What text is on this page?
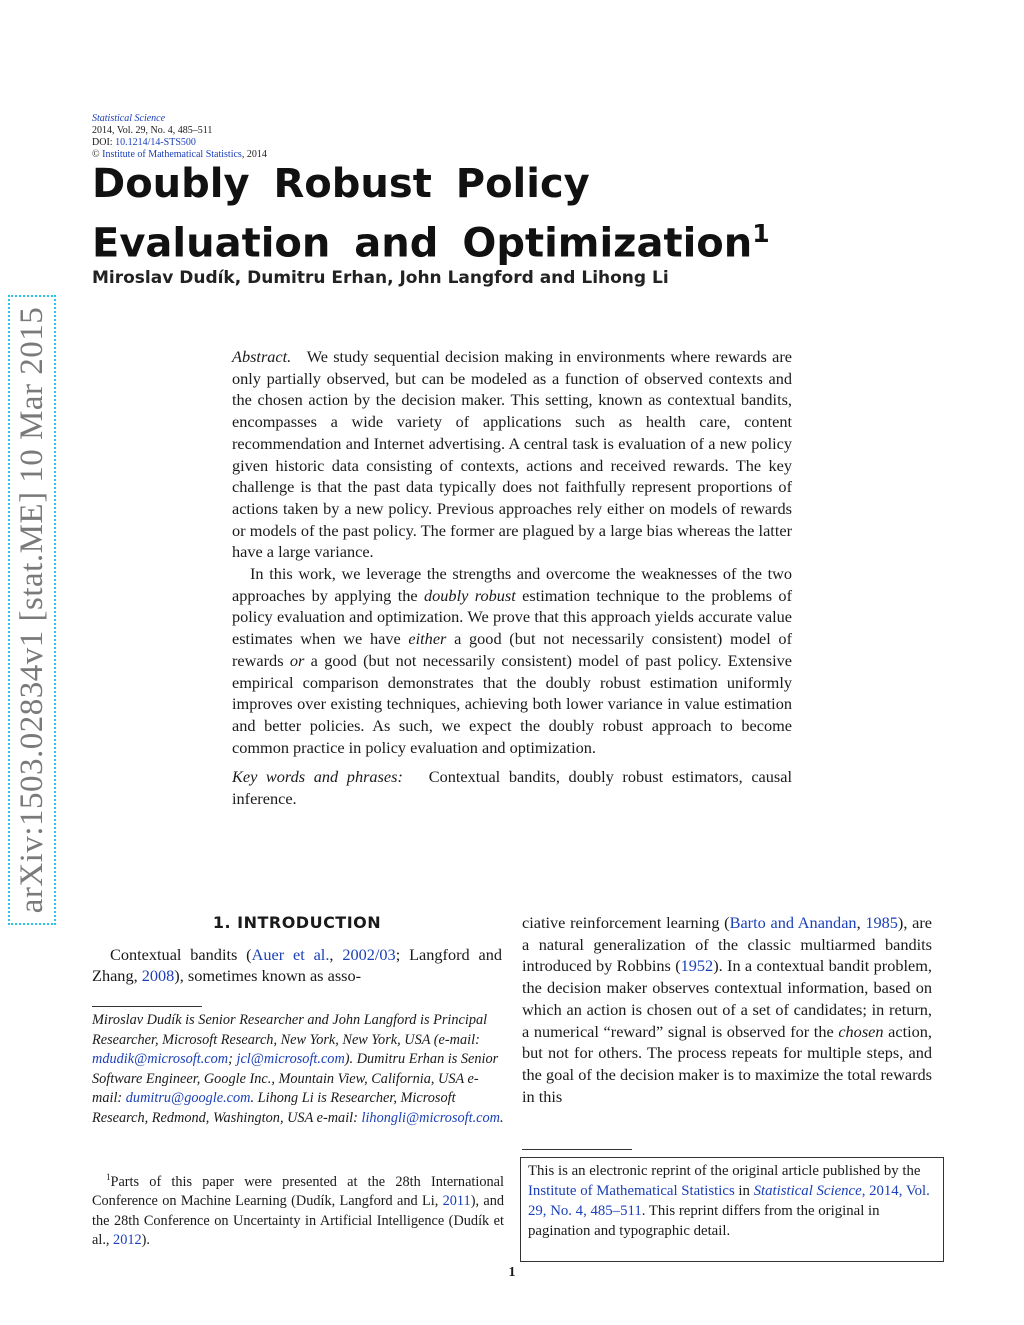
arXiv:1503.02834v1 [stat.ME] 10 Mar 2015
Statistical Science
2014, Vol. 29, No. 4, 485–511
DOI: 10.1214/14-STS500
© Institute of Mathematical Statistics, 2014
Doubly Robust Policy Evaluation and Optimization$^1$
Miroslav Dudík, Dumitru Erhan, John Langford and Lihong Li

Abstract. We study sequential decision making in environments where rewards are only partially observed, but can be modeled as a function of observed contexts and the chosen action by the decision maker. This setting, known as contextual bandits, encompasses a wide variety of applications such as health care, content recommendation and Internet advertising. A central task is evaluation of a new policy given historic data consisting of contexts, actions and received rewards. The key challenge is that the past data typically does not faithfully represent proportions of actions taken by a new policy. Previous approaches rely either on models of rewards or models of the past policy. The former are plagued by a large bias whereas the latter have a large variance.

In this work, we leverage the strengths and overcome the weaknesses of the two approaches by applying the doubly robust estimation technique to the problems of policy evaluation and optimization. We prove that this approach yields accurate value estimates when we have either a good (but not necessarily consistent) model of rewards or a good (but not necessarily consistent) model of past policy. Extensive empirical comparison demonstrates that the doubly robust estimation uniformly improves over existing techniques, achieving both lower variance in value estimation and better policies. As such, we expect the doubly robust approach to become common practice in policy evaluation and optimization.

Key words and phrases: Contextual bandits, doubly robust estimators, causal inference.

1. INTRODUCTION

Contextual bandits (Auer et al., 2002/03; Langford and Zhang, 2008), sometimes known as asso-

Miroslav Dudík is Senior Researcher and John Langford is Principal Researcher, Microsoft Research, New York, New York, USA (e-mail: mdudik@microsoft.com; jcl@microsoft.com). Dumitru Erhan is Senior Software Engineer, Google Inc., Mountain View, California, USA e-mail: dumitru@google.com. Lihong Li is Researcher, Microsoft Research, Redmond, Washington, USA e-mail: lihongli@microsoft.com.

$^1$Parts of this paper were presented at the 28th International Conference on Machine Learning (Dudík, Langford and Li, 2011), and the 28th Conference on Uncertainty in Artificial Intelligence (Dudík et al., 2012).

ciative reinforcement learning (Barto and Anandan, 1985), are a natural generalization of the classic multiarmed bandits introduced by Robbins (1952). In a contextual bandit problem, the decision maker observes contextual information, based on which an action is chosen out of a set of candidates; in return, a numerical “reward” signal is observed for the chosen action, but not for others. The process repeats for multiple steps, and the goal of the decision maker is to maximize the total rewards in this

This is an electronic reprint of the original article published by the Institute of Mathematical Statistics in Statistical Science, 2014, Vol. 29, No. 4, 485–511. This reprint differs from the original in pagination and typographic detail.
1
